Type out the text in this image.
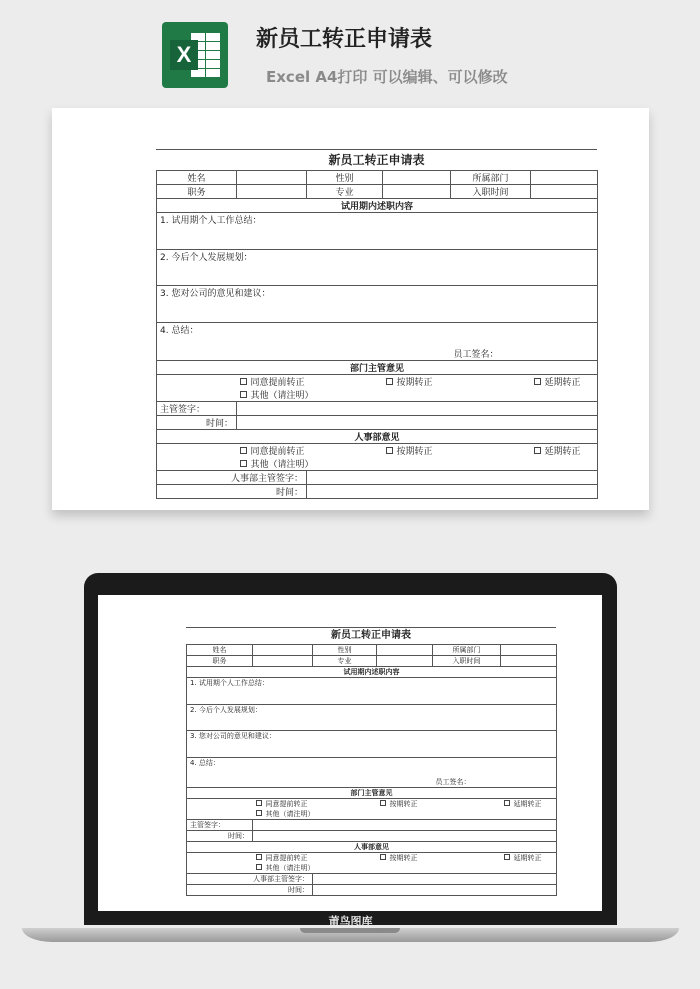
X
新员工转正申请表
Excel A4打印 可以编辑、可以修改
新员工转正申请表
姓名		性别		所属部门	
职务		专业		入职时间	
试用期内述职内容					
1. 试用期个人工作总结：					

2. 今后个人发展规划：					

3. 您对公司的意见和建议：					

4. 总结：					

				员工签名：	
部门主管意见					
	同意提前转正		按期转正		延期转正
	其他（请注明）				
主管签字：					
时间：					
人事部意见					
	同意提前转正		按期转正		延期转正
	其他（请注明）				
人事部主管签字：					
时间：					
新员工转正申请表
姓名		性别		所属部门	
职务		专业		入职时间	
试用期内述职内容					
1. 试用期个人工作总结：					

2. 今后个人发展规划：					

3. 您对公司的意见和建议：					

4. 总结：					

				员工签名：	
部门主管意见					
	同意提前转正		按期转正		延期转正
	其他（请注明）				
主管签字：					
时间：					
人事部意见					
	同意提前转正		按期转正		延期转正
	其他（请注明）				
人事部主管签字：					
时间：					
莆鸟图库
